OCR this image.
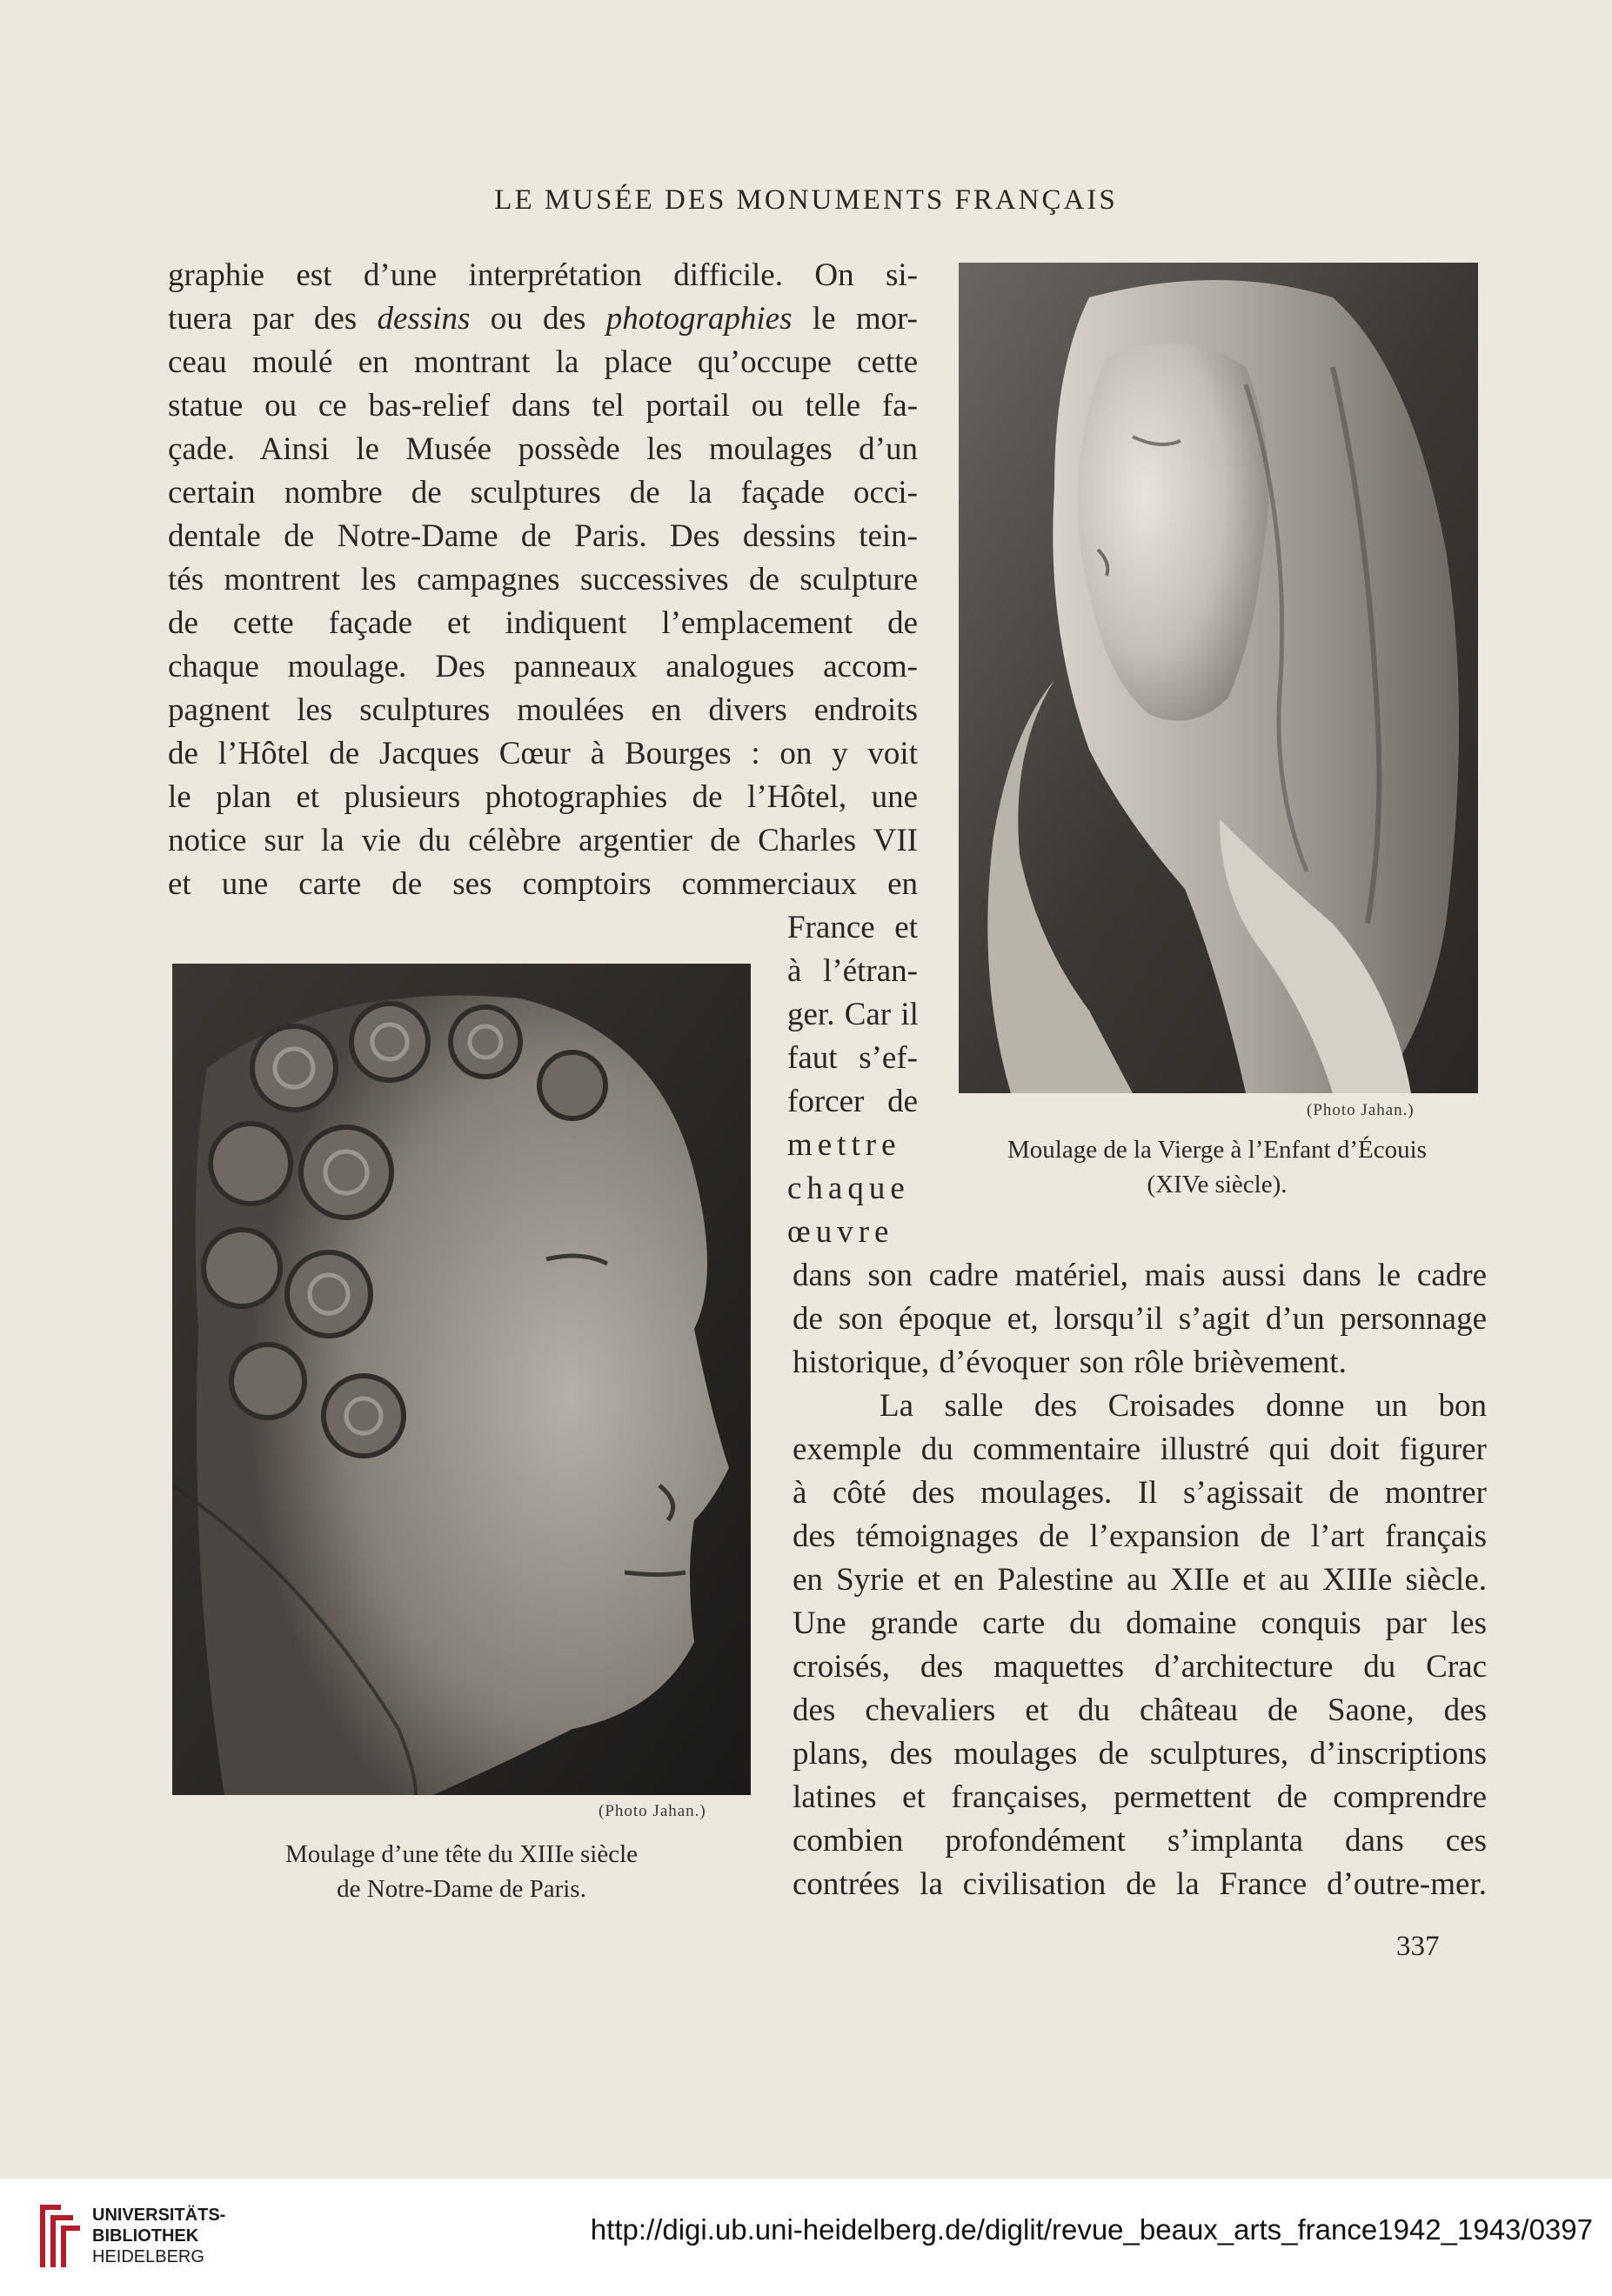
LE MUSÉE DES MONUMENTS FRANÇAIS
graphie est d’une interprétation difficile. On si-
tuera par des dessins ou des photographies le mor-
ceau moulé en montrant la place qu’occupe cette
statue ou ce bas-relief dans tel portail ou telle fa-
çade. Ainsi le Musée possède les moulages d’un
certain nombre de sculptures de la façade occi-
dentale de Notre-Dame de Paris. Des dessins tein-
tés montrent les campagnes successives de sculpture
de cette façade et indiquent l’emplacement de
chaque moulage. Des panneaux analogues accom-
pagnent les sculptures moulées en divers endroits
de l’Hôtel de Jacques Cœur à Bourges : on y voit
le plan et plusieurs photographies de l’Hôtel, une
notice sur la vie du célèbre argentier de Charles VII
et une carte de ses comptoirs commerciaux en
France et
à l’étran-
ger. Car il
faut s’ef-
forcer de
mettre
chaque
œuvre
dans son cadre matériel, mais aussi dans le cadre
de son époque et, lorsqu’il s’agit d’un personnage
historique, d’évoquer son rôle brièvement.
La salle des Croisades donne un bon
exemple du commentaire illustré qui doit figurer
à côté des moulages. Il s’agissait de montrer
des témoignages de l’expansion de l’art français
en Syrie et en Palestine au XIIe et au XIIIe siècle.
Une grande carte du domaine conquis par les
croisés, des maquettes d’architecture du Crac
des chevaliers et du château de Saone, des
plans, des moulages de sculptures, d’inscriptions
latines et françaises, permettent de comprendre
combien profondément s’implanta dans ces
contrées la civilisation de la France d’outre-mer.
(Photo Jahan.)
Moulage de la Vierge à l’Enfant d’Écouis
(XIVe siècle).
(Photo Jahan.)
Moulage d’une tête du XIIIe siècle
de Notre-Dame de Paris.
337
UNIVERSITÄTS-
BIBLIOTHEK
HEIDELBERG
http://digi.ub.uni-heidelberg.de/diglit/revue_beaux_arts_france1942_1943/0397
